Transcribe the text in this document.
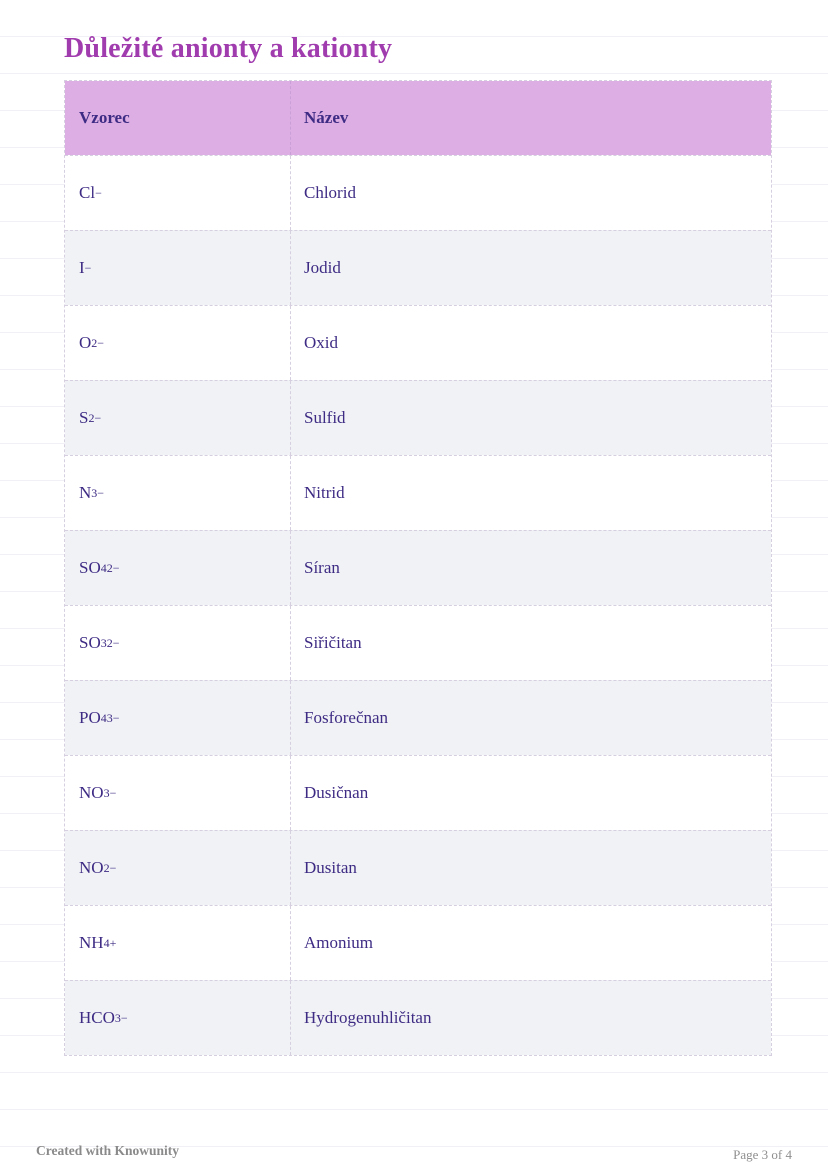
Důležité anionty a kationty
Vzorec	Název
Cl −	Chlorid
I −	Jodid
O 2−	Oxid
S 2−	Sulfid
N 3−	Nitrid
SO 4 2−	Síran
SO 3 2−	Siřičitan
PO 4 3−	Fosforečnan
NO 3 −	Dusičnan
NO 2 −	Dusitan
NH 4 +	Amonium
HCO 3 −	Hydrogenuhličitan
Created with Knowunity	Page 3 of 4
